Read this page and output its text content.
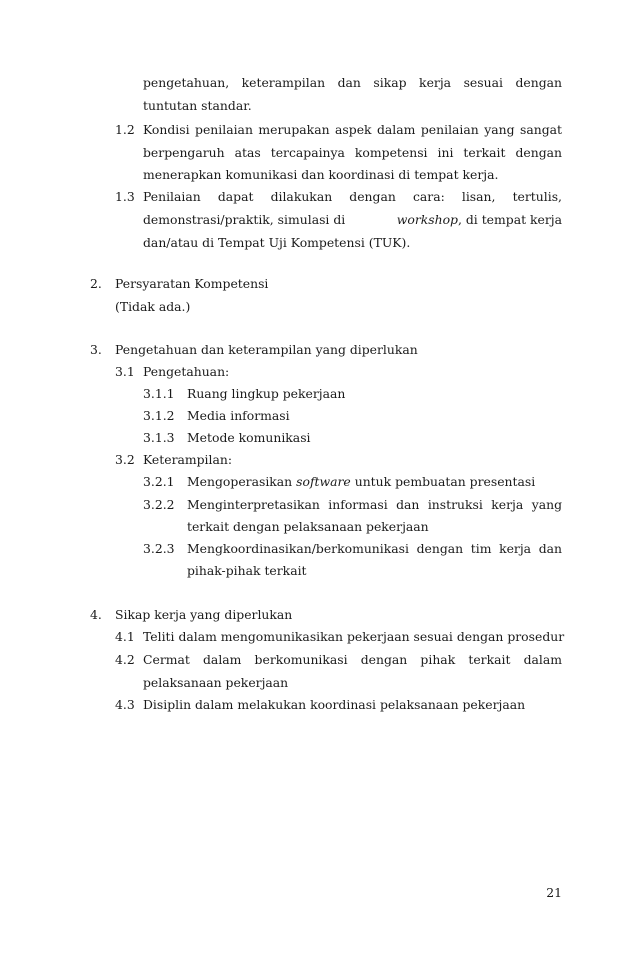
pengetahuan, keterampilan dan sikap kerja sesuai dengan
tuntutan standar.
1.2 Kondisi penilaian merupakan aspek dalam penilaian yang sangat
berpengaruh atas tercapainya kompetensi ini terkait dengan
menerapkan komunikasi dan koordinasi di tempat kerja.
1.3 Penilaian dapat dilakukan dengan cara: lisan, tertulis,
demonstrasi/praktik, simulasi di	workshop, di tempat kerja
dan/atau di Tempat Uji Kompetensi (TUK).
2. Persyaratan Kompetensi
(Tidak ada.)
3. Pengetahuan dan keterampilan yang diperlukan
3.1 Pengetahuan:
3.1.1 Ruang lingkup pekerjaan
3.1.2 Media informasi
3.1.3 Metode komunikasi
3.2 Keterampilan:
3.2.1 Mengoperasikan software untuk pembuatan presentasi
3.2.2 Menginterpretasikan informasi dan instruksi kerja yang
terkait dengan pelaksanaan pekerjaan
3.2.3 Mengkoordinasikan/berkomunikasi dengan tim kerja dan
pihak-pihak terkait
4. Sikap kerja yang diperlukan
4.1 Teliti dalam mengomunikasikan pekerjaan sesuai dengan prosedur
4.2 Cermat dalam berkomunikasi dengan pihak terkait dalam
pelaksanaan pekerjaan
4.3 Disiplin dalam melakukan koordinasi pelaksanaan pekerjaan
21
